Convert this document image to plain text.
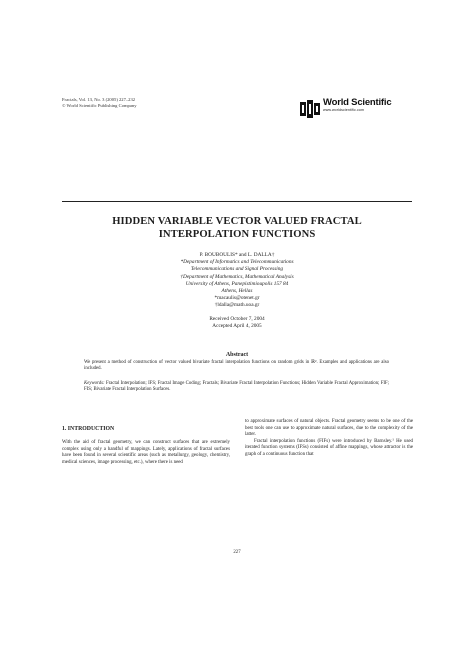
Fractals, Vol. 13, No. 3 (2005) 227–232
© World Scientific Publishing Company	World Scientific
www.worldscientific.com
HIDDEN VARIABLE VECTOR VALUED FRACTAL
INTERPOLATION FUNCTIONS
P. BOUBOULIS* and L. DALLA†
*Department of Informatics and Telecommunications
Telecommunications and Signal Processing
†Department of Mathematics, Mathematical Analysis
University of Athens, Panepistimioupolis 157 84
Athens, Hellas
*macaulis@otenet.gr
†ldalla@math.uoa.gr
Received October 7, 2004
Accepted April 4, 2005
Abstract
We present a method of construction of vector valued bivariate fractal interpolation functions on random grids in ℝ². Examples and applications are also included.
Keywords: Fractal Interpolation; IFS; Fractal Image Coding; Fractals; Bivariate Fractal Interpolation Functions; Hidden Variable Fractal Approximation; FIF; FIS; Bivariate Fractal Interpolation Surfaces.
1. INTRODUCTION

With the aid of fractal geometry, we can construct surfaces that are extremely complex using only a handful of mappings. Lately, applications of fractal surfaces have been found in several scientific areas (such as metallurgy, geology, chemistry, medical sciences, image processing, etc.), where there is need

to approximate surfaces of natural objects. Fractal geometry seems to be one of the best tools one can use to approximate natural surfaces, due to the complexity of the latter.

Fractal interpolation functions (FIFs) were introduced by Barnsley.¹ He used iterated function systems (IFSs) consisted of affine mappings, whose attractor is the graph of a continuous function that

227
